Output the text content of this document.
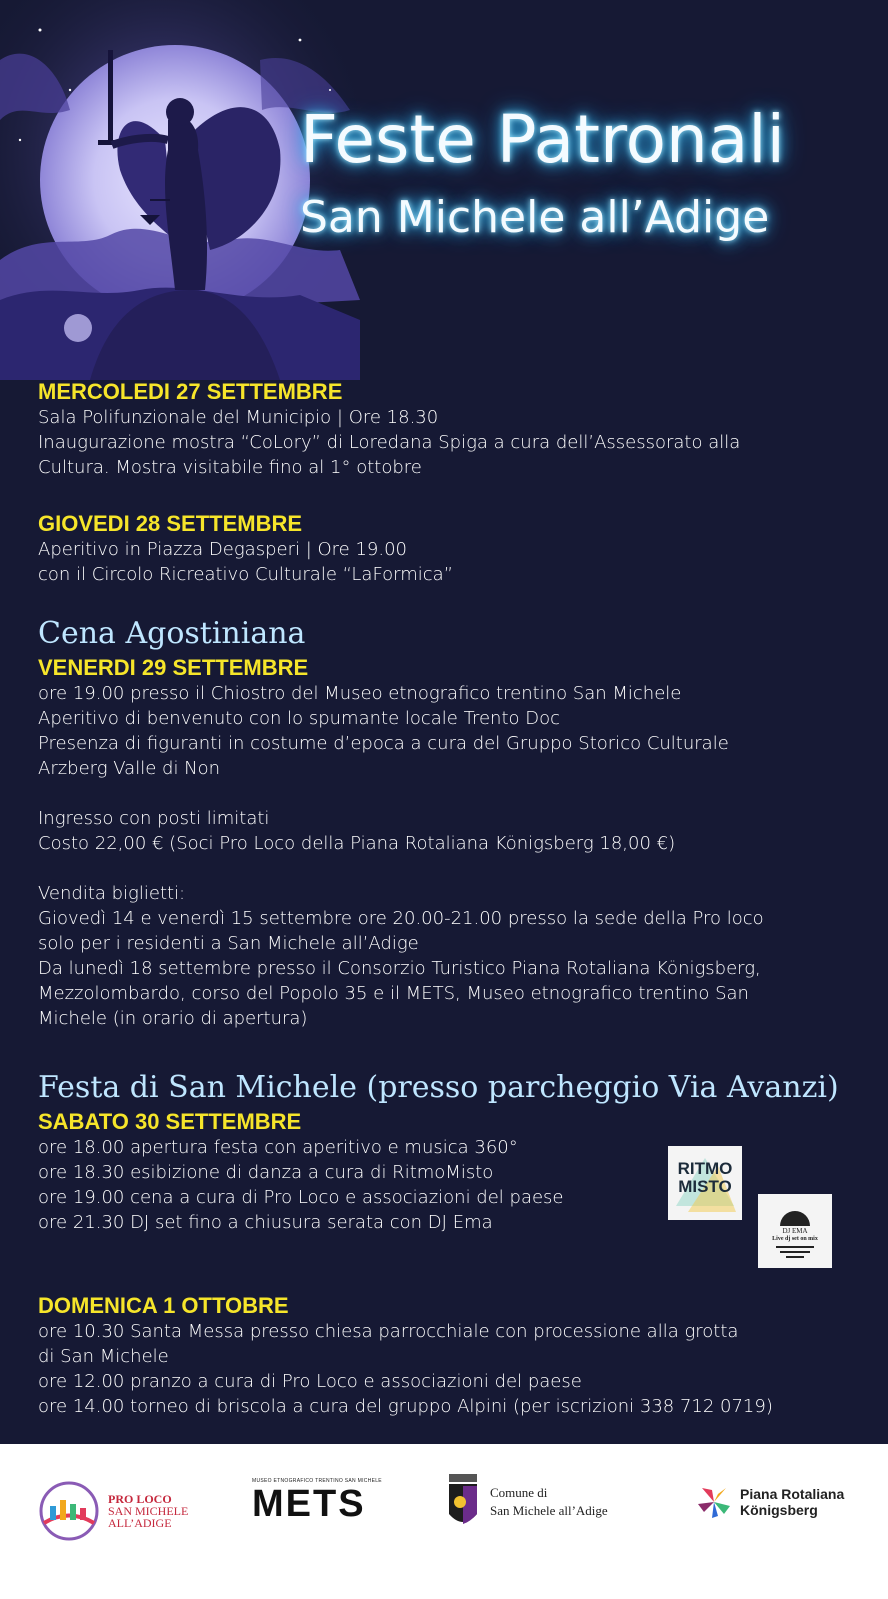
Feste Patronali
San Michele all’Adige
MERCOLEDI 27 SETTEMBRE
Sala Polifunzionale del Municipio | Ore 18.30
Inaugurazione mostra “CoLory” di Loredana Spiga a cura dell’Assessorato alla
Cultura. Mostra visitabile fino al 1° ottobre
GIOVEDI 28 SETTEMBRE
Aperitivo in Piazza Degasperi | Ore 19.00
con il Circolo Ricreativo Culturale “LaFormica”
Cena Agostiniana
VENERDI 29 SETTEMBRE
ore 19.00 presso il Chiostro del Museo etnografico trentino San Michele
Aperitivo di benvenuto con lo spumante locale Trento Doc
Presenza di figuranti in costume d’epoca a cura del Gruppo Storico Culturale
Arzberg Valle di Non
Ingresso con posti limitati
Costo 22,00 € (Soci Pro Loco della Piana Rotaliana Königsberg 18,00 €)
Vendita biglietti:
Giovedì 14 e venerdì 15 settembre ore 20.00-21.00 presso la sede della Pro loco
solo per i residenti a San Michele all’Adige
Da lunedì 18 settembre presso il Consorzio Turistico Piana Rotaliana Königsberg,
Mezzolombardo, corso del Popolo 35 e il METS, Museo etnografico trentino San
Michele (in orario di apertura)
Festa di San Michele (presso parcheggio Via Avanzi)
SABATO 30 SETTEMBRE
ore 18.00 apertura festa con aperitivo e musica 360°
ore 18.30 esibizione di danza a cura di RitmoMisto
ore 19.00 cena a cura di Pro Loco e associazioni del paese
ore 21.30 DJ set fino a chiusura serata con DJ Ema
RITMO
MISTO
DJ EMA
Live dj set on mix
DOMENICA 1 OTTOBRE
ore 10.30 Santa Messa presso chiesa parrocchiale con processione alla grotta
di San Michele
ore 12.00 pranzo a cura di Pro Loco e associazioni del paese
ore 14.00 torneo di briscola a cura del gruppo Alpini (per iscrizioni 338 712 0719)
PRO LOCO
SAN MICHELE
ALL’ADIGE
MUSEO ETNOGRAFICO TRENTINO SAN MICHELE
METS	Comune di
San Michele all’Adige
Piana Rotaliana
Königsberg
